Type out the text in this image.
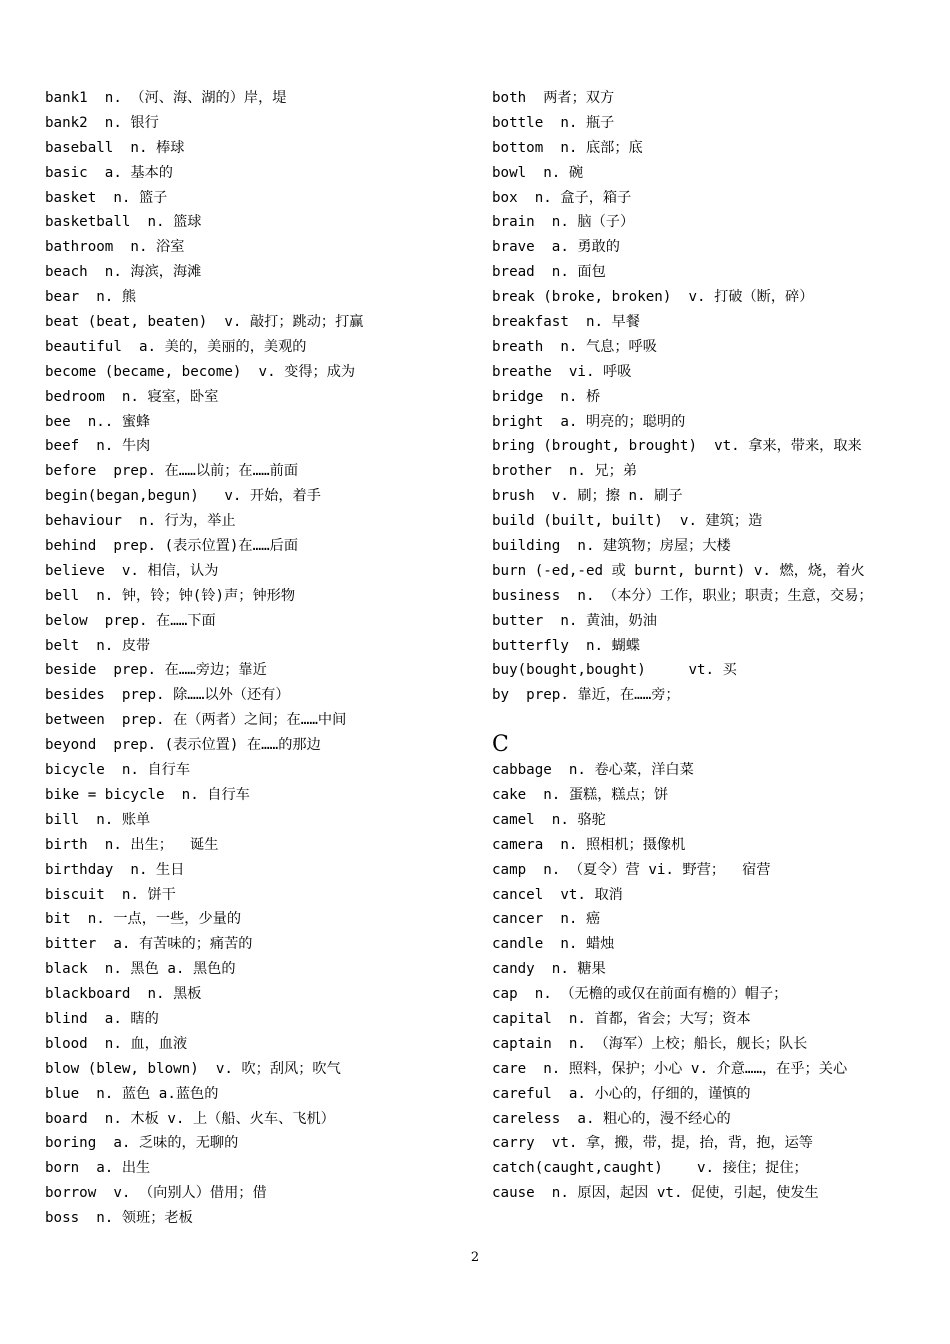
bank1  n. （河、海、湖的）岸，堤
bank2  n. 银行
baseball  n. 棒球
basic  a. 基本的
basket  n. 篮子
basketball  n. 篮球
bathroom  n. 浴室
beach  n. 海滨，海滩
bear  n. 熊
beat (beat, beaten)  v. 敲打；跳动；打赢
beautiful  a. 美的，美丽的，美观的
become (became, become)  v. 变得；成为
bedroom  n. 寝室，卧室
bee  n.. 蜜蜂
beef  n. 牛肉
before  prep. 在……以前；在……前面
begin(began,begun)   v. 开始，着手
behaviour  n. 行为，举止
behind  prep. (表示位置)在……后面
believe  v. 相信，认为
bell  n. 钟，铃；钟(铃)声；钟形物
below  prep. 在……下面
belt  n. 皮带
beside  prep. 在……旁边；靠近
besides  prep. 除……以外（还有）
between  prep. 在（两者）之间；在……中间
beyond  prep. (表示位置) 在……的那边
bicycle  n. 自行车
bike = bicycle  n. 自行车
bill  n. 账单
birth  n. 出生；  诞生
birthday  n. 生日
biscuit  n. 饼干
bit  n. 一点，一些，少量的
bitter  a. 有苦味的；痛苦的
black  n. 黑色 a. 黑色的
blackboard  n. 黑板
blind  a. 瞎的
blood  n. 血，血液
blow (blew, blown)  v. 吹；刮风；吹气
blue  n. 蓝色 a.蓝色的
board  n. 木板 v. 上（船、火车、飞机）
boring  a. 乏味的，无聊的
born  a. 出生
borrow  v. （向别人）借用；借
boss  n. 领班；老板
both  两者；双方
bottle  n. 瓶子
bottom  n. 底部；底
bowl  n. 碗
box  n. 盒子，箱子
brain  n. 脑（子）
brave  a. 勇敢的
bread  n. 面包
break (broke, broken)  v. 打破（断，碎）
breakfast  n. 早餐
breath  n. 气息；呼吸
breathe  vi. 呼吸
bridge  n. 桥
bright  a. 明亮的；聪明的
bring (brought, brought)  vt. 拿来，带来，取来
brother  n. 兄；弟
brush  v. 刷；擦 n. 刷子
build (built, built)  v. 建筑；造
building  n. 建筑物；房屋；大楼
burn (-ed,-ed 或 burnt, burnt) v. 燃，烧，着火
business  n. （本分）工作，职业；职责；生意，交易；
butter  n. 黄油，奶油
butterfly  n. 蝴蝶
buy(bought,bought)     vt. 买
by  prep. 靠近，在……旁；
C
cabbage  n. 卷心菜，洋白菜
cake  n. 蛋糕，糕点；饼
camel  n. 骆驼
camera  n. 照相机；摄像机
camp  n. （夏令）营 vi. 野营；  宿营
cancel  vt. 取消
cancer  n. 癌
candle  n. 蜡烛
candy  n. 糖果
cap  n. （无檐的或仅在前面有檐的）帽子；
capital  n. 首都，省会；大写；资本
captain  n. （海军）上校；船长，舰长；队长
care  n. 照料，保护；小心 v. 介意……，在乎；关心
careful  a. 小心的，仔细的，谨慎的
careless  a. 粗心的，漫不经心的
carry  vt. 拿，搬，带，提，抬，背，抱，运等
catch(caught,caught)    v. 接住；捉住；
cause  n. 原因，起因 vt. 促使，引起，使发生
2
